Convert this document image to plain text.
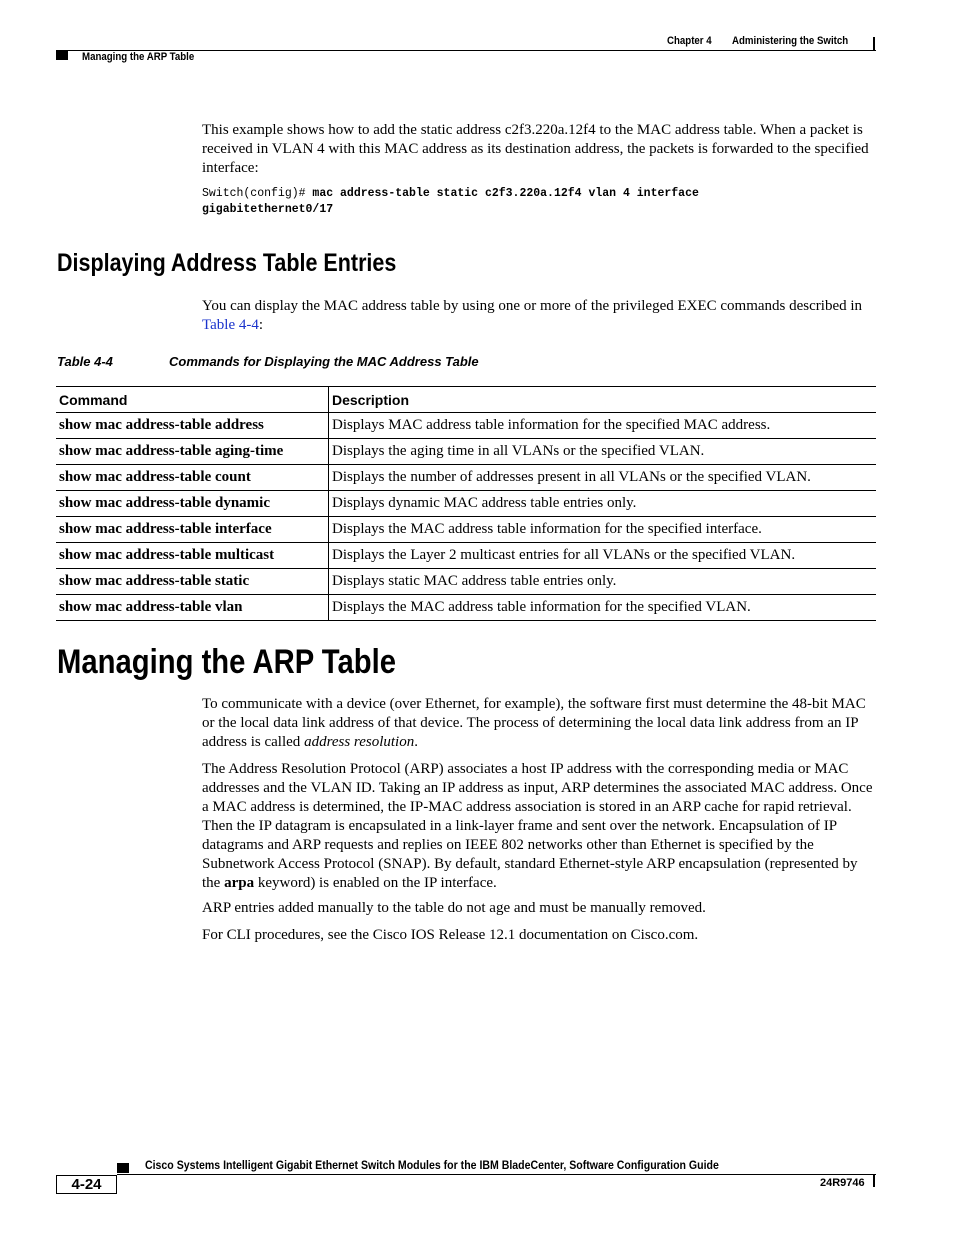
Chapter 4 Administering the Switch
Managing the ARP Table
This example shows how to add the static address c2f3.220a.12f4 to the MAC address table. When a packet is received in VLAN 4 with this MAC address as its destination address, the packets is forwarded to the specified interface:
Switch(config)# mac address-table static c2f3.220a.12f4 vlan 4 interface
gigabitethernet0/17
Displaying Address Table Entries
You can display the MAC address table by using one or more of the privileged EXEC commands described in Table 4-4:
Table 4-4	Commands for Displaying the MAC Address Table
Command	Description
show mac address-table address	Displays MAC address table information for the specified MAC address.
show mac address-table aging-time	Displays the aging time in all VLANs or the specified VLAN.
show mac address-table count	Displays the number of addresses present in all VLANs or the specified VLAN.
show mac address-table dynamic	Displays dynamic MAC address table entries only.
show mac address-table interface	Displays the MAC address table information for the specified interface.
show mac address-table multicast	Displays the Layer 2 multicast entries for all VLANs or the specified VLAN.
show mac address-table static	Displays static MAC address table entries only.
show mac address-table vlan	Displays the MAC address table information for the specified VLAN.
Managing the ARP Table
To communicate with a device (over Ethernet, for example), the software first must determine the 48-bit MAC or the local data link address of that device. The process of determining the local data link address from an IP address is called address resolution.
The Address Resolution Protocol (ARP) associates a host IP address with the corresponding media or MAC addresses and the VLAN ID. Taking an IP address as input, ARP determines the associated MAC address. Once a MAC address is determined, the IP-MAC address association is stored in an ARP cache for rapid retrieval. Then the IP datagram is encapsulated in a link-layer frame and sent over the network. Encapsulation of IP datagrams and ARP requests and replies on IEEE 802 networks other than Ethernet is specified by the Subnetwork Access Protocol (SNAP). By default, standard Ethernet-style ARP encapsulation (represented by the arpa keyword) is enabled on the IP interface.
ARP entries added manually to the table do not age and must be manually removed.
For CLI procedures, see the Cisco IOS Release 12.1 documentation on Cisco.com.
Cisco Systems Intelligent Gigabit Ethernet Switch Modules for the IBM BladeCenter, Software Configuration Guide
4-24	24R9746
